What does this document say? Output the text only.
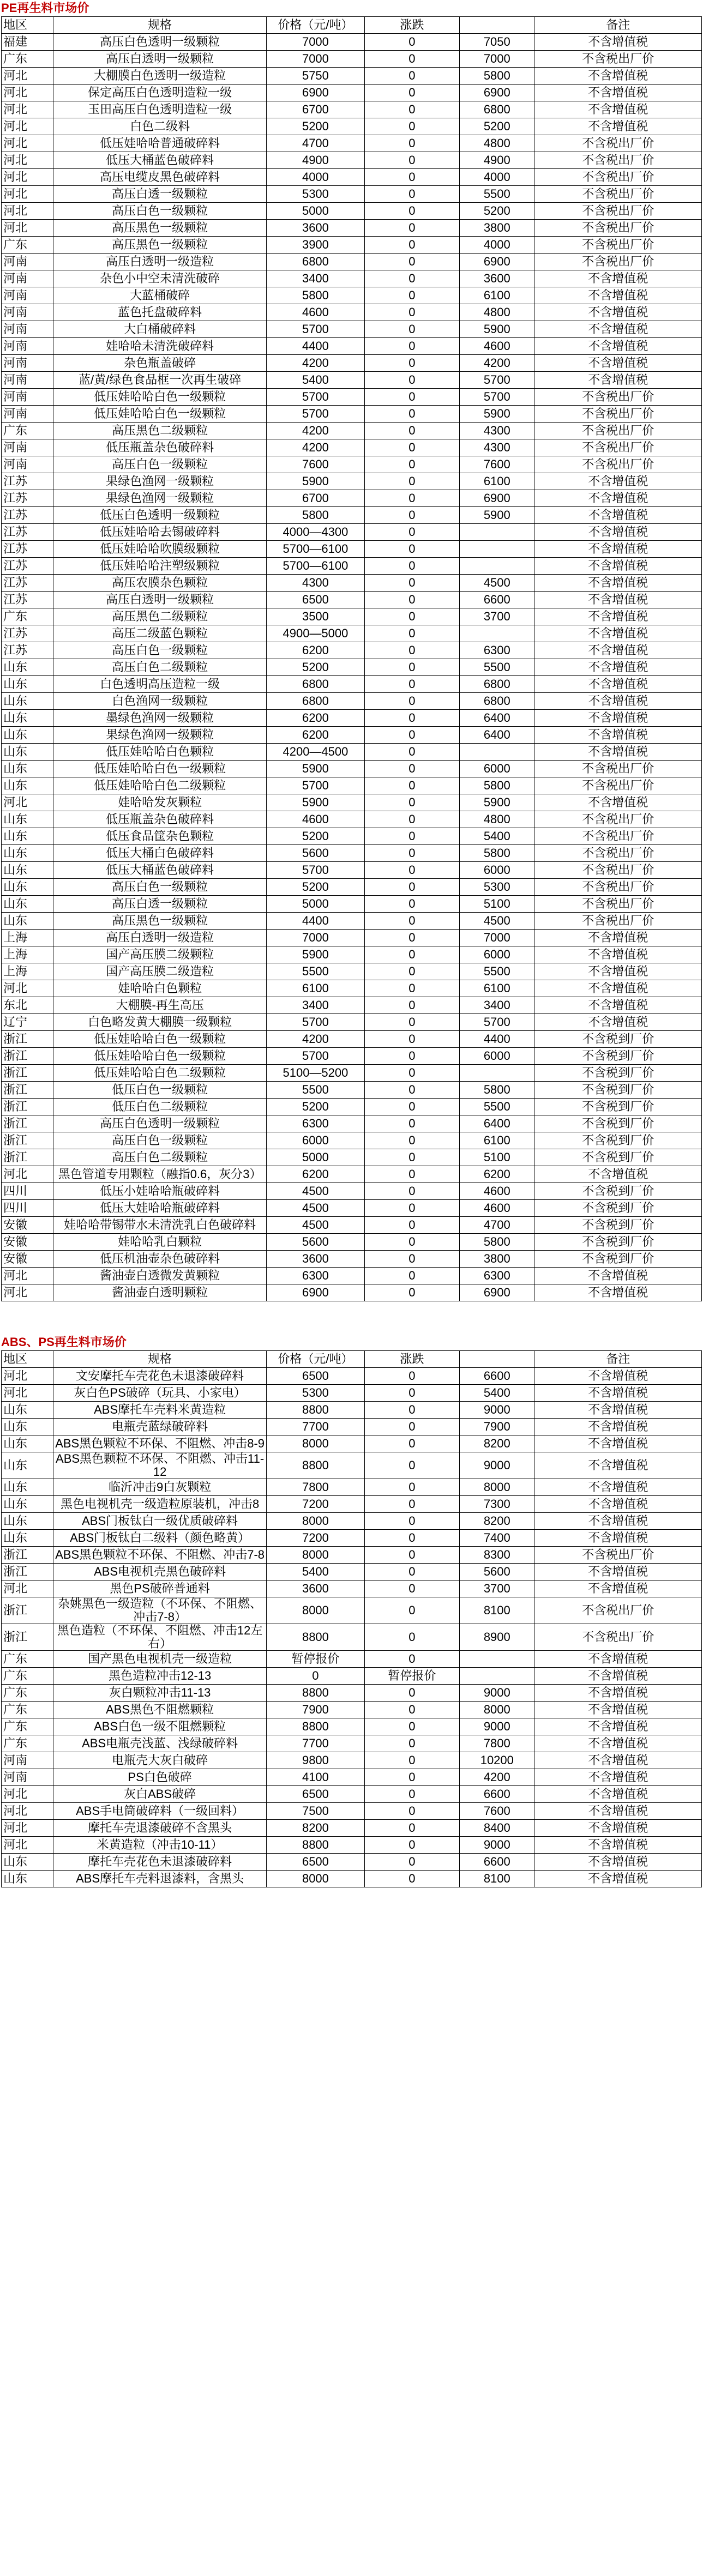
PE再生料市场价
地区	规格	价格（元/吨）	涨跌		备注
福建	高压白色透明一级颗粒	7000	0	7050	不含增值税
广东	高压白透明一级颗粒	7000	0	7000	不含税出厂价
河北	大棚膜白色透明一级造粒	5750	0	5800	不含增值税
河北	保定高压白色透明造粒一级	6900	0	6900	不含增值税
河北	玉田高压白色透明造粒一级	6700	0	6800	不含增值税
河北	白色二级料	5200	0	5200	不含增值税
河北	低压娃哈哈普通破碎料	4700	0	4800	不含税出厂价
河北	低压大桶蓝色破碎料	4900	0	4900	不含税出厂价
河北	高压电缆皮黑色破碎料	4000	0	4000	不含税出厂价
河北	高压白透一级颗粒	5300	0	5500	不含税出厂价
河北	高压白色一级颗粒	5000	0	5200	不含税出厂价
河北	高压黑色一级颗粒	3600	0	3800	不含税出厂价
广东	高压黑色一级颗粒	3900	0	4000	不含税出厂价
河南	高压白透明一级造粒	6800	0	6900	不含税出厂价
河南	杂色小中空未清洗破碎	3400	0	3600	不含增值税
河南	大蓝桶破碎	5800	0	6100	不含增值税
河南	蓝色托盘破碎料	4600	0	4800	不含增值税
河南	大白桶破碎料	5700	0	5900	不含增值税
河南	娃哈哈未清洗破碎料	4400	0	4600	不含增值税
河南	杂色瓶盖破碎	4200	0	4200	不含增值税
河南	蓝/黄/绿色食品框一次再生破碎	5400	0	5700	不含增值税
河南	低压娃哈哈白色一级颗粒	5700	0	5700	不含税出厂价
河南	低压娃哈哈白色一级颗粒	5700	0	5900	不含税出厂价
广东	高压黑色二级颗粒	4200	0	4300	不含税出厂价
河南	低压瓶盖杂色破碎料	4200	0	4300	不含税出厂价
河南	高压白色一级颗粒	7600	0	7600	不含税出厂价
江苏	果绿色渔网一级颗粒	5900	0	6100	不含增值税
江苏	果绿色渔网一级颗粒	6700	0	6900	不含增值税
江苏	低压白色透明一级颗粒	5800	0	5900	不含增值税
江苏	低压娃哈哈去锡破碎料	4000—4300	0		不含增值税
江苏	低压娃哈哈吹膜级颗粒	5700—6100	0		不含增值税
江苏	低压娃哈哈注塑级颗粒	5700—6100	0		不含增值税
江苏	高压农膜杂色颗粒	4300	0	4500	不含增值税
江苏	高压白透明一级颗粒	6500	0	6600	不含增值税
广东	高压黑色二级颗粒	3500	0	3700	不含增值税
江苏	高压二级蓝色颗粒	4900—5000	0		不含增值税
江苏	高压白色一级颗粒	6200	0	6300	不含增值税
山东	高压白色二级颗粒	5200	0	5500	不含增值税
山东	白色透明高压造粒一级	6800	0	6800	不含增值税
山东	白色渔网一级颗粒	6800	0	6800	不含增值税
山东	墨绿色渔网一级颗粒	6200	0	6400	不含增值税
山东	果绿色渔网一级颗粒	6200	0	6400	不含增值税
山东	低压娃哈哈白色颗粒	4200—4500	0		不含增值税
山东	低压娃哈哈白色一级颗粒	5900	0	6000	不含税出厂价
山东	低压娃哈哈白色二级颗粒	5700	0	5800	不含税出厂价
河北	娃哈哈发灰颗粒	5900	0	5900	不含增值税
山东	低压瓶盖杂色破碎料	4600	0	4800	不含税出厂价
山东	低压食品筐杂色颗粒	5200	0	5400	不含税出厂价
山东	低压大桶白色破碎料	5600	0	5800	不含税出厂价
山东	低压大桶蓝色破碎料	5700	0	6000	不含税出厂价
山东	高压白色一级颗粒	5200	0	5300	不含税出厂价
山东	高压白透一级颗粒	5000	0	5100	不含税出厂价
山东	高压黑色一级颗粒	4400	0	4500	不含税出厂价
上海	高压白透明一级造粒	7000	0	7000	不含增值税
上海	国产高压膜二级颗粒	5900	0	6000	不含增值税
上海	国产高压膜二级造粒	5500	0	5500	不含增值税
河北	娃哈哈白色颗粒	6100	0	6100	不含增值税
东北	大棚膜-再生高压	3400	0	3400	不含增值税
辽宁	白色略发黄大棚膜一级颗粒	5700	0	5700	不含增值税
浙江	低压娃哈哈白色一级颗粒	4200	0	4400	不含税到厂价
浙江	低压娃哈哈白色一级颗粒	5700	0	6000	不含税到厂价
浙江	低压娃哈哈白色二级颗粒	5100—5200	0		不含税到厂价
浙江	低压白色一级颗粒	5500	0	5800	不含税到厂价
浙江	低压白色二级颗粒	5200	0	5500	不含税到厂价
浙江	高压白色透明一级颗粒	6300	0	6400	不含税到厂价
浙江	高压白色一级颗粒	6000	0	6100	不含税到厂价
浙江	高压白色二级颗粒	5000	0	5100	不含税到厂价
河北	黑色管道专用颗粒（融指0.6，灰分3）	6200	0	6200	不含增值税
四川	低压小娃哈哈瓶破碎料	4500	0	4600	不含税到厂价
四川	低压大娃哈哈瓶破碎料	4500	0	4600	不含税到厂价
安徽	娃哈哈带锡带水未清洗乳白色破碎料	4500	0	4700	不含税到厂价
安徽	娃哈哈乳白颗粒	5600	0	5800	不含税到厂价
安徽	低压机油壶杂色破碎料	3600	0	3800	不含税到厂价
河北	酱油壶白透微发黄颗粒	6300	0	6300	不含增值税
河北	酱油壶白透明颗粒	6900	0	6900	不含增值税
ABS、PS再生料市场价
地区	规格	价格（元/吨）	涨跌		备注
河北	文安摩托车壳花色未退漆破碎料	6500	0	6600	不含增值税
河北	灰白色PS破碎（玩具、小家电）	5300	0	5400	不含增值税
山东	ABS摩托车壳料米黄造粒	8800	0	9000	不含增值税
山东	电瓶壳蓝绿破碎料	7700	0	7900	不含增值税
山东	ABS黑色颗粒不环保、不阻燃、冲击8-9	8000	0	8200	不含增值税
山东	ABS黑色颗粒不环保、不阻燃、冲击11-12	8800	0	9000	不含增值税
山东	临沂冲击9白灰颗粒	7800	0	8000	不含增值税
山东	黑色电视机壳一级造粒原装机，冲击8	7200	0	7300	不含增值税
山东	ABS门板钛白一级优质破碎料	8000	0	8200	不含增值税
山东	ABS门板钛白二级料（颜色略黄）	7200	0	7400	不含增值税
浙江	ABS黑色颗粒不环保、不阻燃、冲击7-8	8000	0	8300	不含税出厂价
浙江	ABS电视机壳黑色破碎料	5400	0	5600	不含增值税
河北	黑色PS破碎普通料	3600	0	3700	不含增值税
浙江	杂姚黑色一级造粒（不环保、不阻燃、冲击7-8）	8000	0	8100	不含税出厂价
浙江	黑色造粒（不环保、不阻燃、冲击12左右）	8800	0	8900	不含税出厂价
广东	国产黑色电视机壳一级造粒	暂停报价	0		不含增值税
广东	黑色造粒冲击12-13	0	暂停报价		不含增值税
广东	灰白颗粒冲击11-13	8800	0	9000	不含增值税
广东	ABS黑色不阻燃颗粒	7900	0	8000	不含增值税
广东	ABS白色一级不阻燃颗粒	8800	0	9000	不含增值税
广东	ABS电瓶壳浅蓝、浅绿破碎料	7700	0	7800	不含增值税
河南	电瓶壳大灰白破碎	9800	0	10200	不含增值税
河南	PS白色破碎	4100	0	4200	不含增值税
河北	灰白ABS破碎	6500	0	6600	不含增值税
河北	ABS手电筒破碎料（一级回料）	7500	0	7600	不含增值税
河北	摩托车壳退漆破碎不含黑头	8200	0	8400	不含增值税
河北	米黄造粒（冲击10-11）	8800	0	9000	不含增值税
山东	摩托车壳花色未退漆破碎料	6500	0	6600	不含增值税
山东	ABS摩托车壳料退漆料，含黑头	8000	0	8100	不含增值税
